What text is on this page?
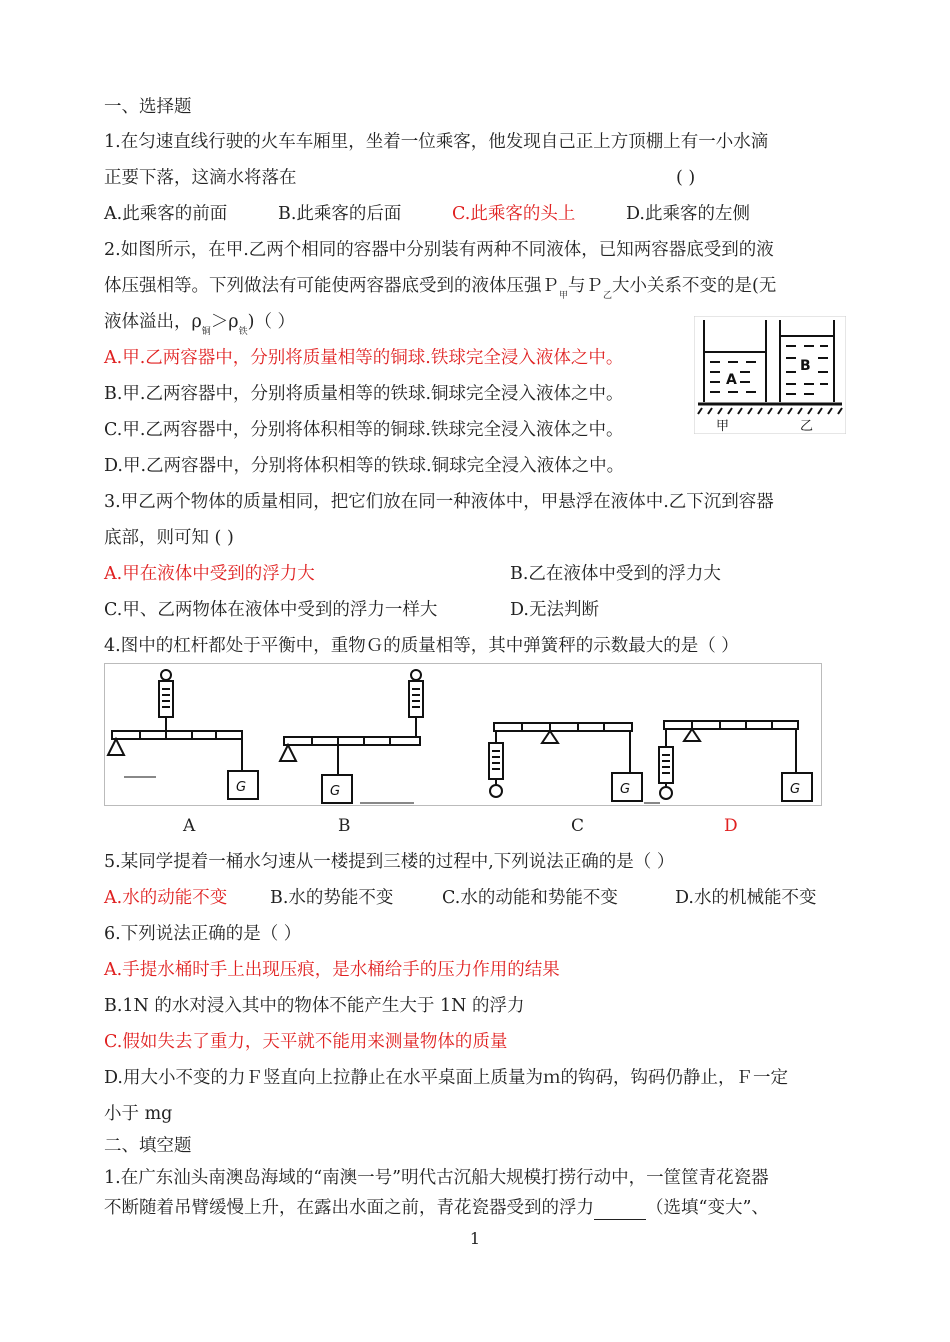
一、选择题
1.在匀速直线行驶的火车车厢里，坐着一位乘客，他发现自己正上方顶棚上有一小水滴
正要下落，这滴水将落在	( )
A.此乘客的前面	B.此乘客的后面	C.此乘客的头上	D.此乘客的左侧
2.如图所示，在甲.乙两个相同的容器中分别装有两种不同液体，已知两容器底受到的液
体压强相等。下列做法有可能使两容器底受到的液体压强Ｐ$_甲$与Ｐ$_乙$大小关系不变的是(无
液体溢出，$\rho_铜>\rho_铁$)（ ）
A.甲.乙两容器中，分别将质量相等的铜球.铁球完全浸入液体之中。
B.甲.乙两容器中，分别将质量相等的铁球.铜球完全浸入液体之中。
C.甲.乙两容器中，分别将体积相等的铜球.铁球完全浸入液体之中。
D.甲.乙两容器中，分别将体积相等的铁球.铜球完全浸入液体之中。
A
B
甲	乙
3.甲乙两个物体的质量相同，把它们放在同一种液体中，甲悬浮在液体中.乙下沉到容器
底部，则可知 ( )
A.甲在液体中受到的浮力大	B.乙在液体中受到的浮力大
C.甲、乙两物体在液体中受到的浮力一样大	D.无法判断
4.图中的杠杆都处于平衡中，重物Ｇ的质量相等，其中弹簧秤的示数最大的是（ ）
G	G	G	G
A	B	C	D
5.某同学提着一桶水匀速从一楼提到三楼的过程中,下列说法正确的是（ ）
A.水的动能不变 B.水的势能不变	C.水的动能和势能不变	D.水的机械能不变
6.下列说法正确的是（ ）
A.手提水桶时手上出现压痕，是水桶给手的压力作用的结果
B.1N 的水对浸入其中的物体不能产生大于 1N 的浮力
C.假如失去了重力，天平就不能用来测量物体的质量
D.用大小不变的力Ｆ竖直向上拉静止在水平桌面上质量为ｍ的钩码，钩码仍静止，Ｆ一定
小于 mg
二、填空题
1.在广东汕头南澳岛海域的“南澳一号”明代古沉船大规模打捞行动中，一筐筐青花瓷器
不断随着吊臂缓慢上升，在露出水面之前，青花瓷器受到的浮力	（选填“变大”、
1
